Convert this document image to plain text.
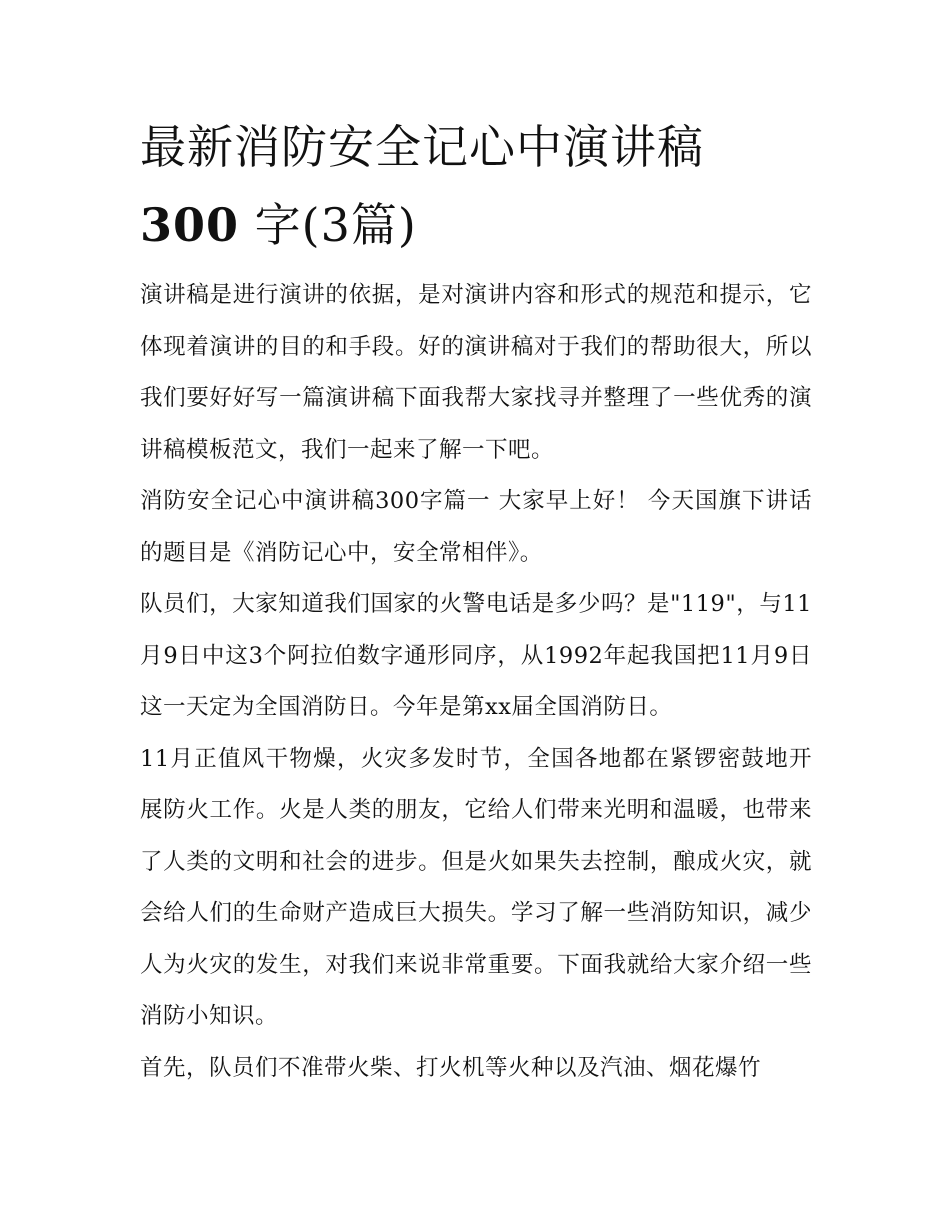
最新消防安全记心中演讲稿
300 字(3篇)

演讲稿是进行演讲的依据，是对演讲内容和形式的规范和提示，它体现着演讲的目的和手段。好的演讲稿对于我们的帮助很大，所以我们要好好写一篇演讲稿下面我帮大家找寻并整理了一些优秀的演讲稿模板范文，我们一起来了解一下吧。

消防安全记心中演讲稿300字篇一 大家早上好！ 今天国旗下讲话的题目是《消防记心中，安全常相伴》。

队员们，大家知道我们国家的火警电话是多少吗？是"119"，与11月9日中这3个阿拉伯数字通形同序，从1992年起我国把11月9日这一天定为全国消防日。今年是第xx届全国消防日。

11月正值风干物燥，火灾多发时节，全国各地都在紧锣密鼓地开展防火工作。火是人类的朋友，它给人们带来光明和温暖，也带来了人类的文明和社会的进步。但是火如果失去控制，酿成火灾，就会给人们的生命财产造成巨大损失。学习了解一些消防知识，减少人为火灾的发生，对我们来说非常重要。下面我就给大家介绍一些消防小知识。

首先，队员们不准带火柴、打火机等火种以及汽油、烟花爆竹
